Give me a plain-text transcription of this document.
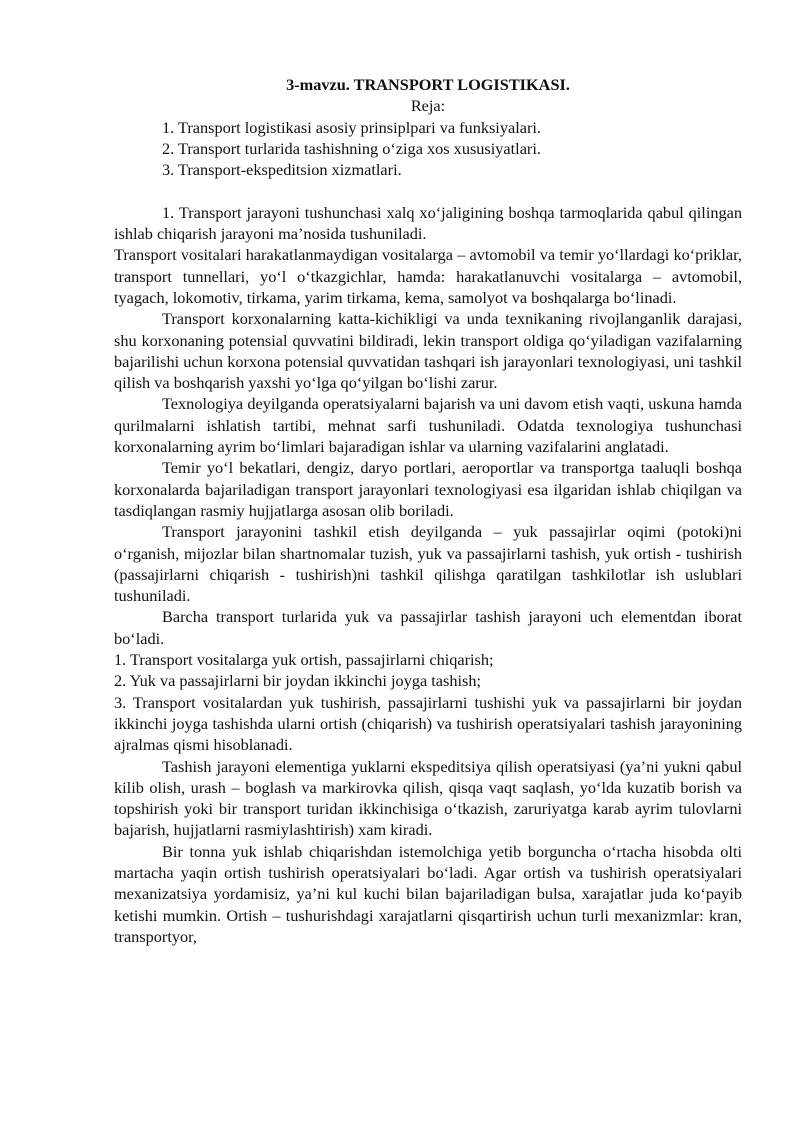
3-mavzu. TRANSPORT LOGISTIKASI.

Reja:

1. Transport logistikasi asosiy prinsiplpari va funksiyalari.

2. Transport turlarida tashishning o‘ziga xos xususiyatlari.

3. Transport-ekspeditsion xizmatlari.

1. Transport jarayoni tushunchasi xalq xo‘jaligining boshqa tarmoqlarida qabul qilingan ishlab chiqarish jarayoni ma’nosida tushuniladi.

Transport vositalari harakatlanmaydigan vositalarga – avtomobil va temir yo‘llardagi ko‘priklar, transport tunnellari, yo‘l o‘tkazgichlar, hamda: harakatlanuvchi vositalarga – avtomobil, tyagach, lokomotiv, tirkama, yarim tirkama, kema, samolyot va boshqalarga bo‘linadi.

Transport korxonalarning katta-kichikligi va unda texnikaning rivojlanganlik darajasi, shu korxonaning potensial quvvatini bildiradi, lekin transport oldiga qo‘yiladigan vazifalarning bajarilishi uchun korxona potensial quvvatidan tashqari ish jarayonlari texnologiyasi, uni tashkil qilish va boshqarish yaxshi yo‘lga qo‘yilgan bo‘lishi zarur.

Texnologiya deyilganda operatsiyalarni bajarish va uni davom etish vaqti, uskuna hamda qurilmalarni ishlatish tartibi, mehnat sarfi tushuniladi. Odatda texnologiya tushunchasi korxonalarning ayrim bo‘limlari bajaradigan ishlar va ularning vazifalarini anglatadi.

Temir yo‘l bekatlari, dengiz, daryo portlari, aeroportlar va transportga taaluqli boshqa korxonalarda bajariladigan transport jarayonlari texnologiyasi esa ilgaridan ishlab chiqilgan va tasdiqlangan rasmiy hujjatlarga asosan olib boriladi.

Transport jarayonini tashkil etish deyilganda – yuk passajirlar oqimi (potoki)ni o‘rganish, mijozlar bilan shartnomalar tuzish, yuk va passajirlarni tashish, yuk ortish - tushirish (passajirlarni chiqarish - tushirish)ni tashkil qilishga qaratilgan tashkilotlar ish uslublari tushuniladi.

Barcha transport turlarida yuk va passajirlar tashish jarayoni uch elementdan iborat bo‘ladi.

1. Transport vositalarga yuk ortish, passajirlarni chiqarish;

2. Yuk va passajirlarni bir joydan ikkinchi joyga tashish;

3. Transport vositalardan yuk tushirish, passajirlarni tushishi yuk va passajirlarni bir joydan ikkinchi joyga tashishda ularni ortish (chiqarish) va tushirish operatsiyalari tashish jarayonining ajralmas qismi hisoblanadi.

Tashish jarayoni elementiga yuklarni ekspeditsiya qilish operatsiyasi (ya’ni yukni qabul kilib olish, urash – boglash va markirovka qilish, qisqa vaqt saqlash, yo‘lda kuzatib borish va topshirish yoki bir transport turidan ikkinchisiga o‘tkazish, zaruriyatga karab ayrim tulovlarni bajarish, hujjatlarni rasmiylashtirish) xam kiradi.

Bir tonna yuk ishlab chiqarishdan istemolchiga yetib borguncha o‘rtacha hisobda olti martacha yaqin ortish tushirish operatsiyalari bo‘ladi. Agar ortish va tushirish operatsiyalari mexanizatsiya yordamisiz, ya’ni kul kuchi bilan bajariladigan bulsa, xarajatlar juda ko‘payib ketishi mumkin. Ortish – tushurishdagi xarajatlarni qisqartirish uchun turli mexanizmlar: kran, transportyor,
